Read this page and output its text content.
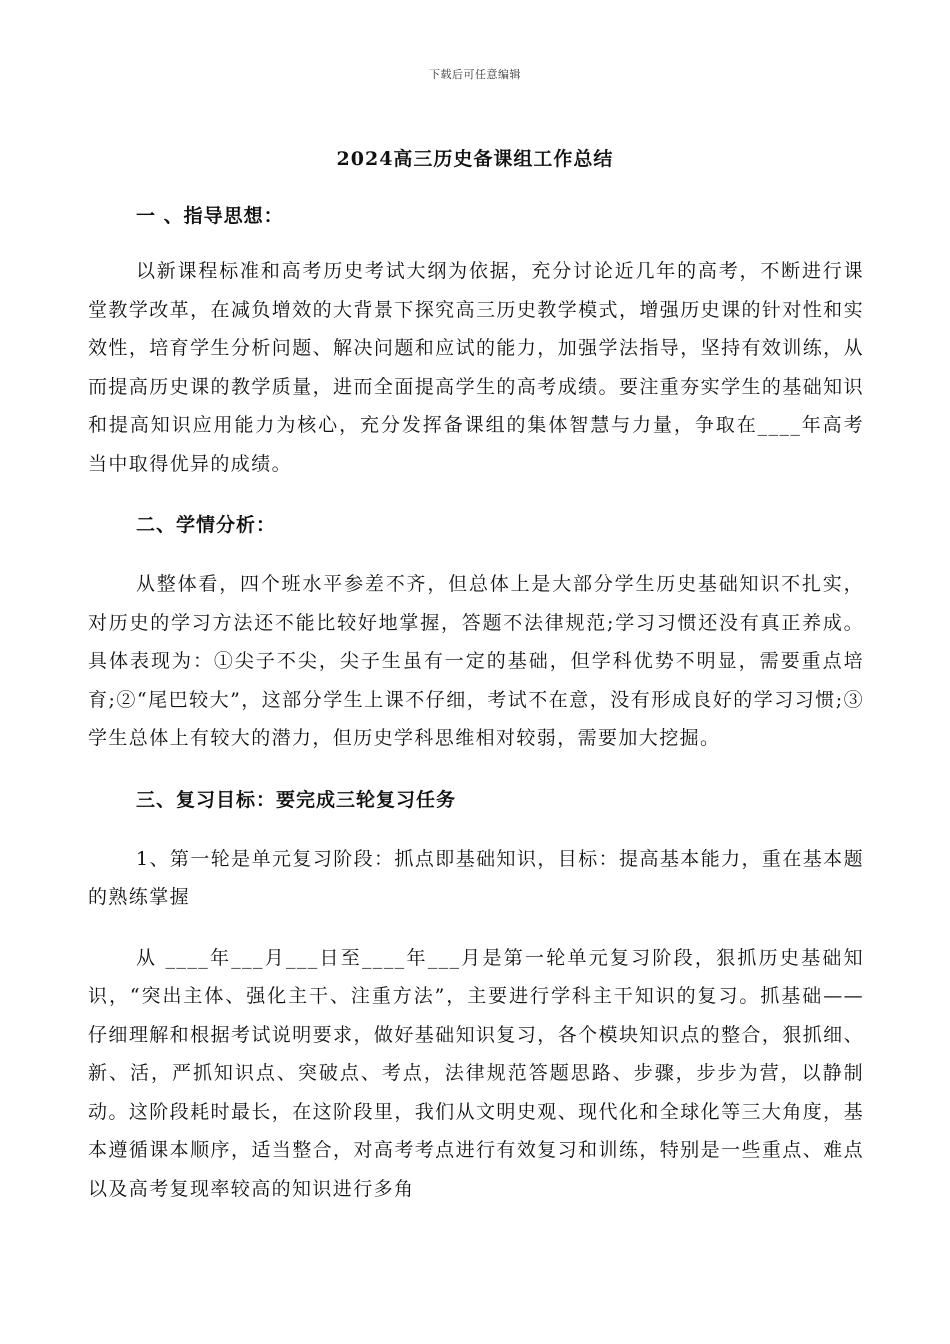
下载后可任意编辑
2024高三历史备课组工作总结
一 、指导思想：

以新课程标准和高考历史考试大纲为依据，充分讨论近几年的高考，不断进行课堂教学改革，在减负增效的大背景下探究高三历史教学模式，增强历史课的针对性和实效性，培育学生分析问题、解决问题和应试的能力，加强学法指导，坚持有效训练，从而提高历史课的教学质量，进而全面提高学生的高考成绩。要注重夯实学生的基础知识和提高知识应用能力为核心，充分发挥备课组的集体智慧与力量，争取在____年高考当中取得优异的成绩。

二、学情分析：

从整体看，四个班水平参差不齐，但总体上是大部分学生历史基础知识不扎实，对历史的学习方法还不能比较好地掌握，答题不法律规范;学习习惯还没有真正养成。具体表现为：①尖子不尖，尖子生虽有一定的基础，但学科优势不明显，需要重点培育;②“尾巴较大”，这部分学生上课不仔细，考试不在意，没有形成良好的学习习惯;③ 学生总体上有较大的潜力，但历史学科思维相对较弱，需要加大挖掘。

三、复习目标：要完成三轮复习任务

1、第一轮是单元复习阶段：抓点即基础知识，目标：提高基本能力，重在基本题的熟练掌握

从 ____年___月___日至____年___月是第一轮单元复习阶段，狠抓历史基础知识，“突出主体、强化主干、注重方法”，主要进行学科主干知识的复习。抓基础——仔细理解和根据考试说明要求，做好基础知识复习，各个模块知识点的整合，狠抓细、新、活，严抓知识点、突破点、考点，法律规范答题思路、步骤，步步为营，以静制动。这阶段耗时最长，在这阶段里，我们从文明史观、现代化和全球化等三大角度，基本遵循课本顺序，适当整合，对高考考点进行有效复习和训练，特别是一些重点、难点以及高考复现率较高的知识进行多角
